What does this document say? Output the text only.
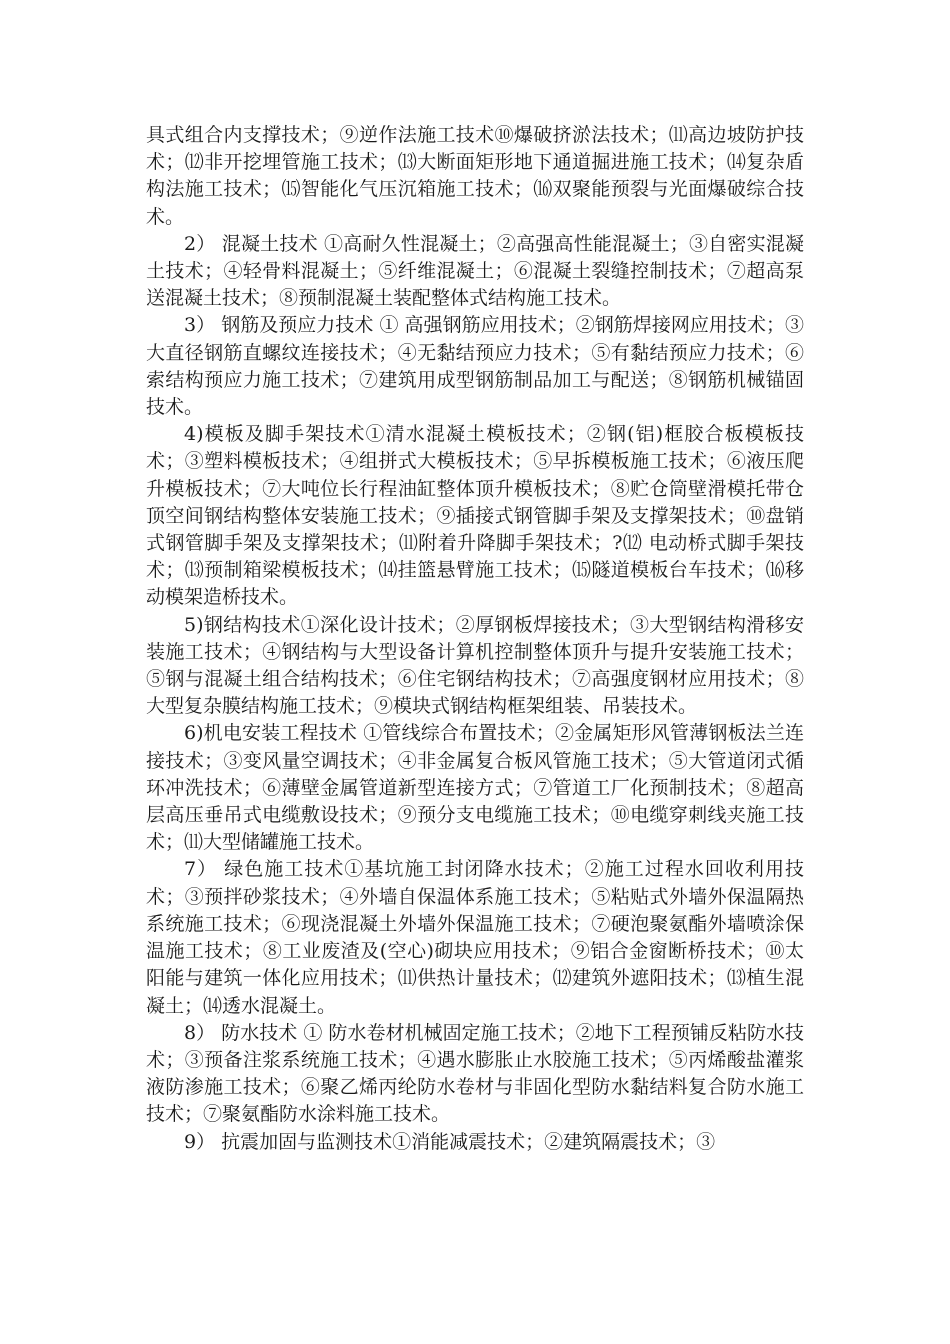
具式组合内支撑技术；⑨逆作法施工技术⑩爆破挤淤法技术；⑾高边坡防护技术；⑿非开挖埋管施工技术；⒀大断面矩形地下通道掘进施工技术；⒁复杂盾构法施工技术；⒂智能化气压沉箱施工技术；⒃双聚能预裂与光面爆破综合技术。

2） 混凝土技术 ①高耐久性混凝土；②高强高性能混凝土；③自密实混凝土技术；④轻骨料混凝土；⑤纤维混凝土；⑥混凝土裂缝控制技术；⑦超高泵送混凝土技术；⑧预制混凝土装配整体式结构施工技术。

3） 钢筋及预应力技术 ① 高强钢筋应用技术；②钢筋焊接网应用技术；③大直径钢筋直螺纹连接技术；④无黏结预应力技术；⑤有黏结预应力技术；⑥索结构预应力施工技术；⑦建筑用成型钢筋制品加工与配送；⑧钢筋机械锚固技术。

4)模板及脚手架技术①清水混凝土模板技术；②钢(铝)框胶合板模板技术；③塑料模板技术；④组拼式大模板技术；⑤早拆模板施工技术；⑥液压爬升模板技术；⑦大吨位长行程油缸整体顶升模板技术；⑧贮仓筒壁滑模托带仓顶空间钢结构整体安装施工技术；⑨插接式钢管脚手架及支撑架技术；⑩盘销式钢管脚手架及支撑架技术；⑾附着升降脚手架技术；?⑿ 电动桥式脚手架技术；⒀预制箱梁模板技术；⒁挂篮悬臂施工技术；⒂隧道模板台车技术；⒃移动模架造桥技术。

5)钢结构技术①深化设计技术；②厚钢板焊接技术；③大型钢结构滑移安装施工技术；④钢结构与大型设备计算机控制整体顶升与提升安装施工技术；⑤钢与混凝土组合结构技术；⑥住宅钢结构技术；⑦高强度钢材应用技术；⑧大型复杂膜结构施工技术；⑨模块式钢结构框架组装、吊装技术。

6)机电安装工程技术 ①管线综合布置技术；②金属矩形风管薄钢板法兰连接技术；③变风量空调技术；④非金属复合板风管施工技术；⑤大管道闭式循环冲洗技术；⑥薄壁金属管道新型连接方式；⑦管道工厂化预制技术；⑧超高层高压垂吊式电缆敷设技术；⑨预分支电缆施工技术；⑩电缆穿刺线夹施工技术；⑾大型储罐施工技术。

7） 绿色施工技术①基坑施工封闭降水技术；②施工过程水回收利用技术；③预拌砂浆技术；④外墙自保温体系施工技术；⑤粘贴式外墙外保温隔热系统施工技术；⑥现浇混凝土外墙外保温施工技术；⑦硬泡聚氨酯外墙喷涂保温施工技术；⑧工业废渣及(空心)砌块应用技术；⑨铝合金窗断桥技术；⑩太阳能与建筑一体化应用技术；⑾供热计量技术；⑿建筑外遮阳技术；⒀植生混凝土；⒁透水混凝土。

8） 防水技术 ① 防水卷材机械固定施工技术；②地下工程预铺反粘防水技术；③预备注浆系统施工技术；④遇水膨胀止水胶施工技术；⑤丙烯酸盐灌浆液防渗施工技术；⑥聚乙烯丙纶防水卷材与非固化型防水黏结料复合防水施工技术；⑦聚氨酯防水涂料施工技术。

9） 抗震加固与监测技术①消能减震技术；②建筑隔震技术；③
